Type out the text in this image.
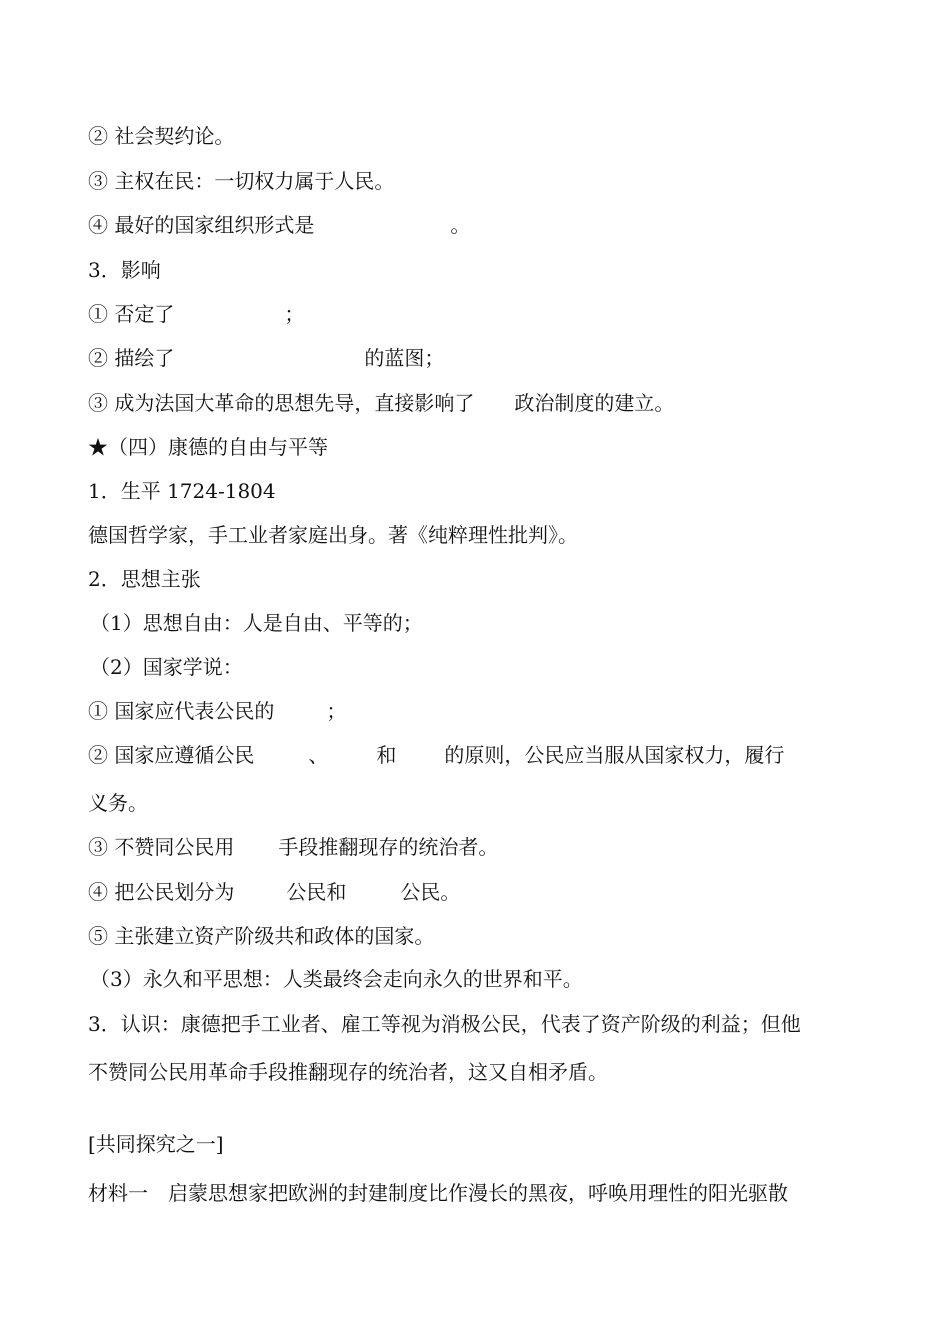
② 社会契约论。
③ 主权在民：一切权力属于人民。
④ 最好的国家组织形式是	。
3．影响
① 否定了	；
② 描绘了	的蓝图；
③ 成为法国大革命的思想先导，直接影响了 政治制度的建立。
★（四）康德的自由与平等
1．生平 1724-1804
德国哲学家，手工业者家庭出身。著《纯粹理性批判》。
2．思想主张
（1）思想自由：人是自由、平等的；
（2）国家学说：
① 国家应代表公民的	；
② 国家应遵循公民	、 和 的原则，公民应当服从国家权力，履行
义务。
③ 不赞同公民用 手段推翻现存的统治者。
④ 把公民划分为	公民和	公民。
⑤ 主张建立资产阶级共和政体的国家。
（3）永久和平思想：人类最终会走向永久的世界和平。
3．认识：康德把手工业者、雇工等视为消极公民，代表了资产阶级的利益；但他
不赞同公民用革命手段推翻现存的统治者，这又自相矛盾。
[共同探究之一]
材料一　启蒙思想家把欧洲的封建制度比作漫长的黑夜，呼唤用理性的阳光驱散
